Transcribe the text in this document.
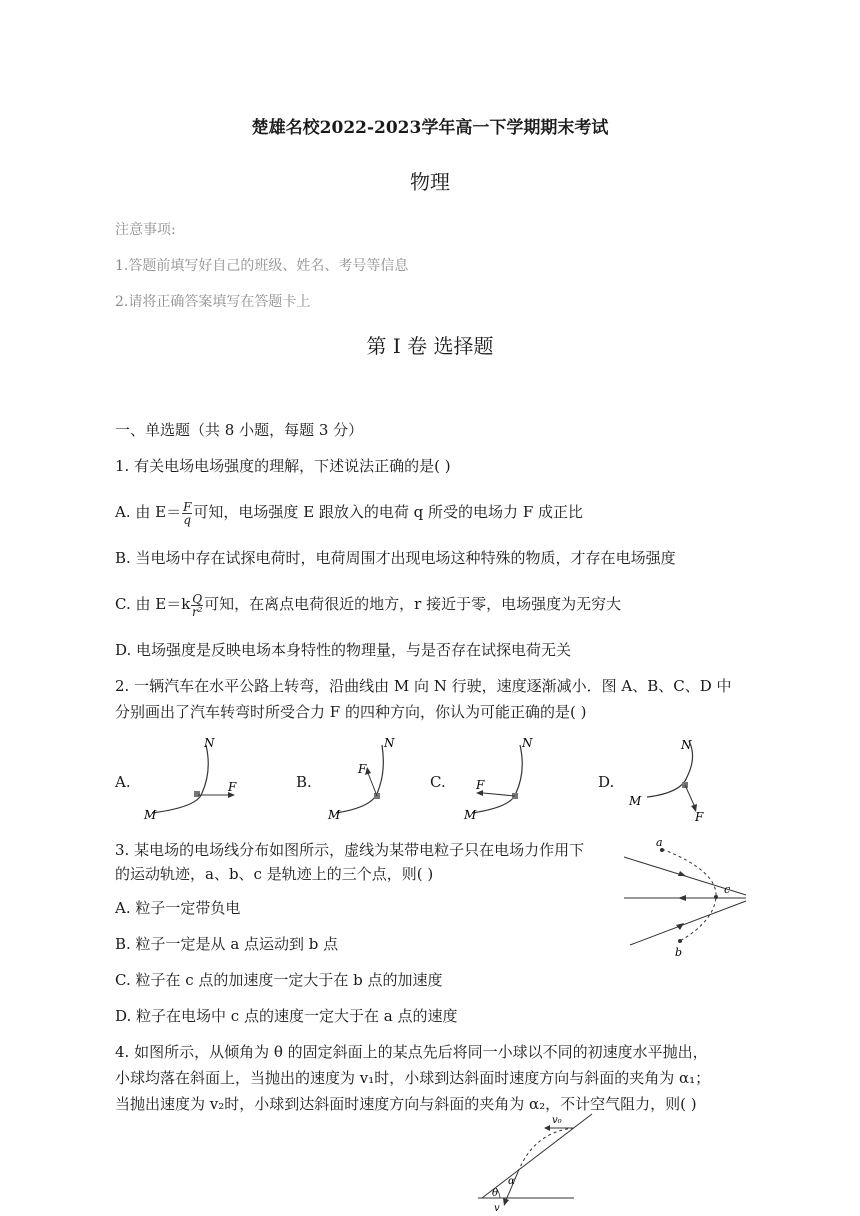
楚雄名校2022-2023学年高一下学期期末考试
物理
注意事项:
1.答题前填写好自己的班级、姓名、考号等信息
2.请将正确答案填写在答题卡上
第 I 卷 选择题
一、单选题（共 8 小题，每题 3 分）
1. 有关电场电场强度的理解，下述说法正确的是( )
A. 由 $E= \frac{F}{q}$ 可知，电场强度 E 跟放入的电荷 q 所受的电场力 F 成正比
B. 当电场中存在试探电荷时，电荷周围才出现电场这种特殊的物质，才存在电场强度
C. 由 $E=k \frac{Q}{\text{r²}}$ 可知，在离点电荷很近的地方，r 接近于零，电场强度为无穷大
D. 电场强度是反映电场本身特性的物理量，与是否存在试探电荷无关
2. 一辆汽车在水平公路上转弯，沿曲线由 M 向 N 行驶，速度逐渐减小．图 A、B、C、D 中
分别画出了汽车转弯时所受合力 F 的四种方向，你认为可能正确的是( )
A.	B.	C.	D.
M
N
F
M
N
F
M
N
F
M
N
F
3. 某电场的电场线分布如图所示，虚线为某带电粒子只在电场力作用下
的运动轨迹，a、b、c 是轨迹上的三个点，则( )
A. 粒子一定带负电
B. 粒子一定是从 a 点运动到 b 点
C. 粒子在 c 点的加速度一定大于在 b 点的加速度
D. 粒子在电场中 c 点的速度一定大于在 a 点的速度
a
c
b
4. 如图所示，从倾角为 θ 的固定斜面上的某点先后将同一小球以不同的初速度水平抛出，
小球均落在斜面上，当抛出的速度为 v₁时，小球到达斜面时速度方向与斜面的夹角为 α₁；
当抛出速度为 v₂时，小球到达斜面时速度方向与斜面的夹角为 α₂，不计空气阻力，则( )
v₀
θ
α
v
